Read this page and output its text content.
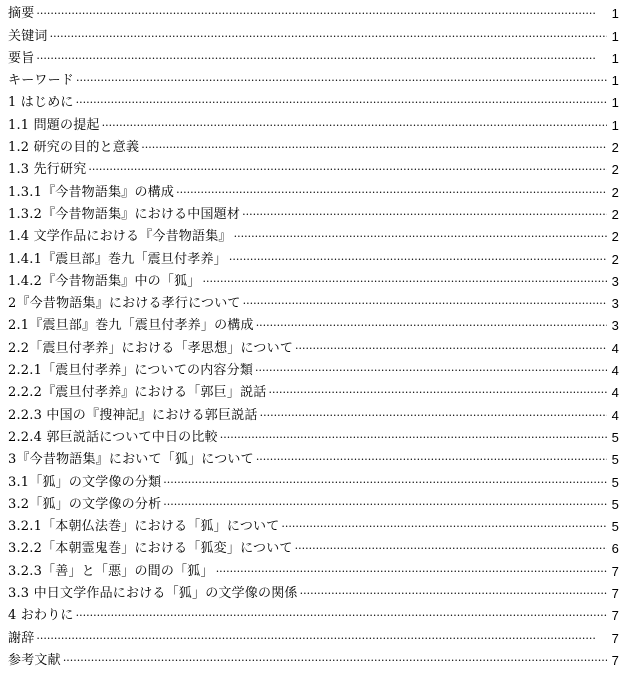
摘要 ·····	1
关键词 ·····	1
要旨 ·····	1
キーワード ·····	1
1 はじめに ·····	1
1.1 問題の提起 ·····	1
1.2 研究の目的と意義 ·····	2
1.3 先行研究 ·····	2
1.3.1『今昔物語集』の構成 ·····	2
1.3.2『今昔物語集』における中国題材 ·····	2
1.4 文学作品における『今昔物語集』 ·····	2
1.4.1『震旦部』巻九「震旦付孝养」 ·····	2
1.4.2『今昔物語集』中の「狐」 ·····	3
2『今昔物語集』における孝行について ·····	3
2.1『震旦部』巻九「震旦付孝养」の構成 ·····	3
2.2「震旦付孝养」における「孝思想」について ·····	4
2.2.1「震旦付孝养」についての内容分類 ·····	4
2.2.2『震旦付孝养』における「郭巨」説話 ·····	4
2.2.3 中国の『搜神記』における郭巨説話 ·····	4
2.2.4 郭巨説話について中日の比較 ·····	5
3『今昔物語集』において「狐」について ·····	5
3.1「狐」の文学像の分類 ·····	5
3.2「狐」の文学像の分析 ·····	5
3.2.1「本朝仏法巻」における「狐」について ·····	5
3.2.2「本朝霊鬼巻」における「狐変」について ·····	6
3.2.3「善」と「悪」の間の「狐」 ·····	7
3.3 中日文学作品における「狐」の文学像の関係 ·····	7
4 おわりに ·····	7
謝辞 ·····	7
参考文献 ·····	7
